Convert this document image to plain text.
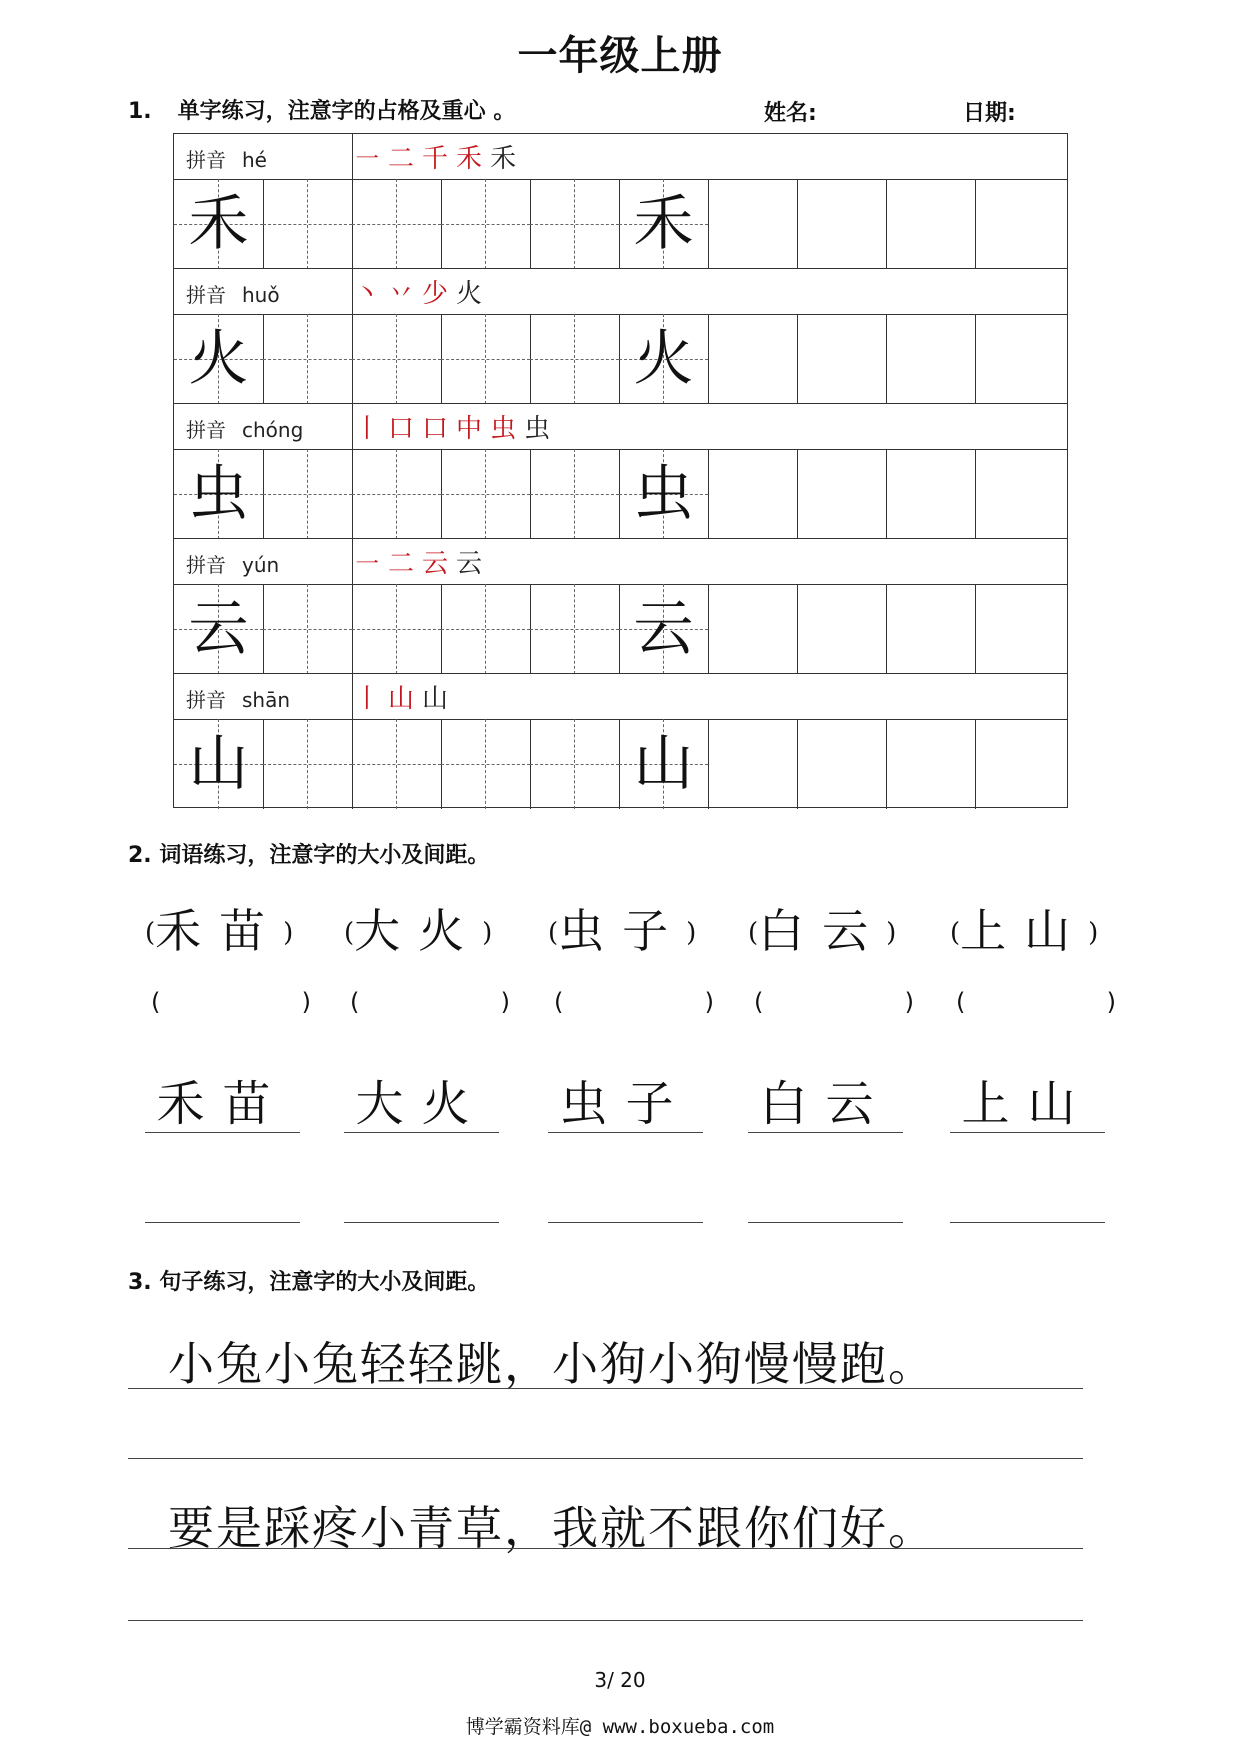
一年级上册
1. 单字练习，注意字的占格及重心 。	姓名:	日期:
拼音 hé	㇐二千禾禾
禾	禾
拼音 huǒ	丶丷少火
火	火
拼音 chóng 丨口口中虫虫
虫	虫
拼音 yún	㇐二云云
云	云
拼音 shān 丨山山
山	山
2. 词语练习，注意字的大小及间距。
(禾苗)
(	)
禾苗
(大火)
(	)
大火
(虫子)
(	)
虫子
(白云)
(	)
白云
(上山)
(	)
上山
3. 句子练习，注意字的大小及间距。
小兔小兔轻轻跳，小狗小狗慢慢跑。
要是踩疼小青草，我就不跟你们好。
3/ 20
博学霸资料库@ www.boxueba.com
